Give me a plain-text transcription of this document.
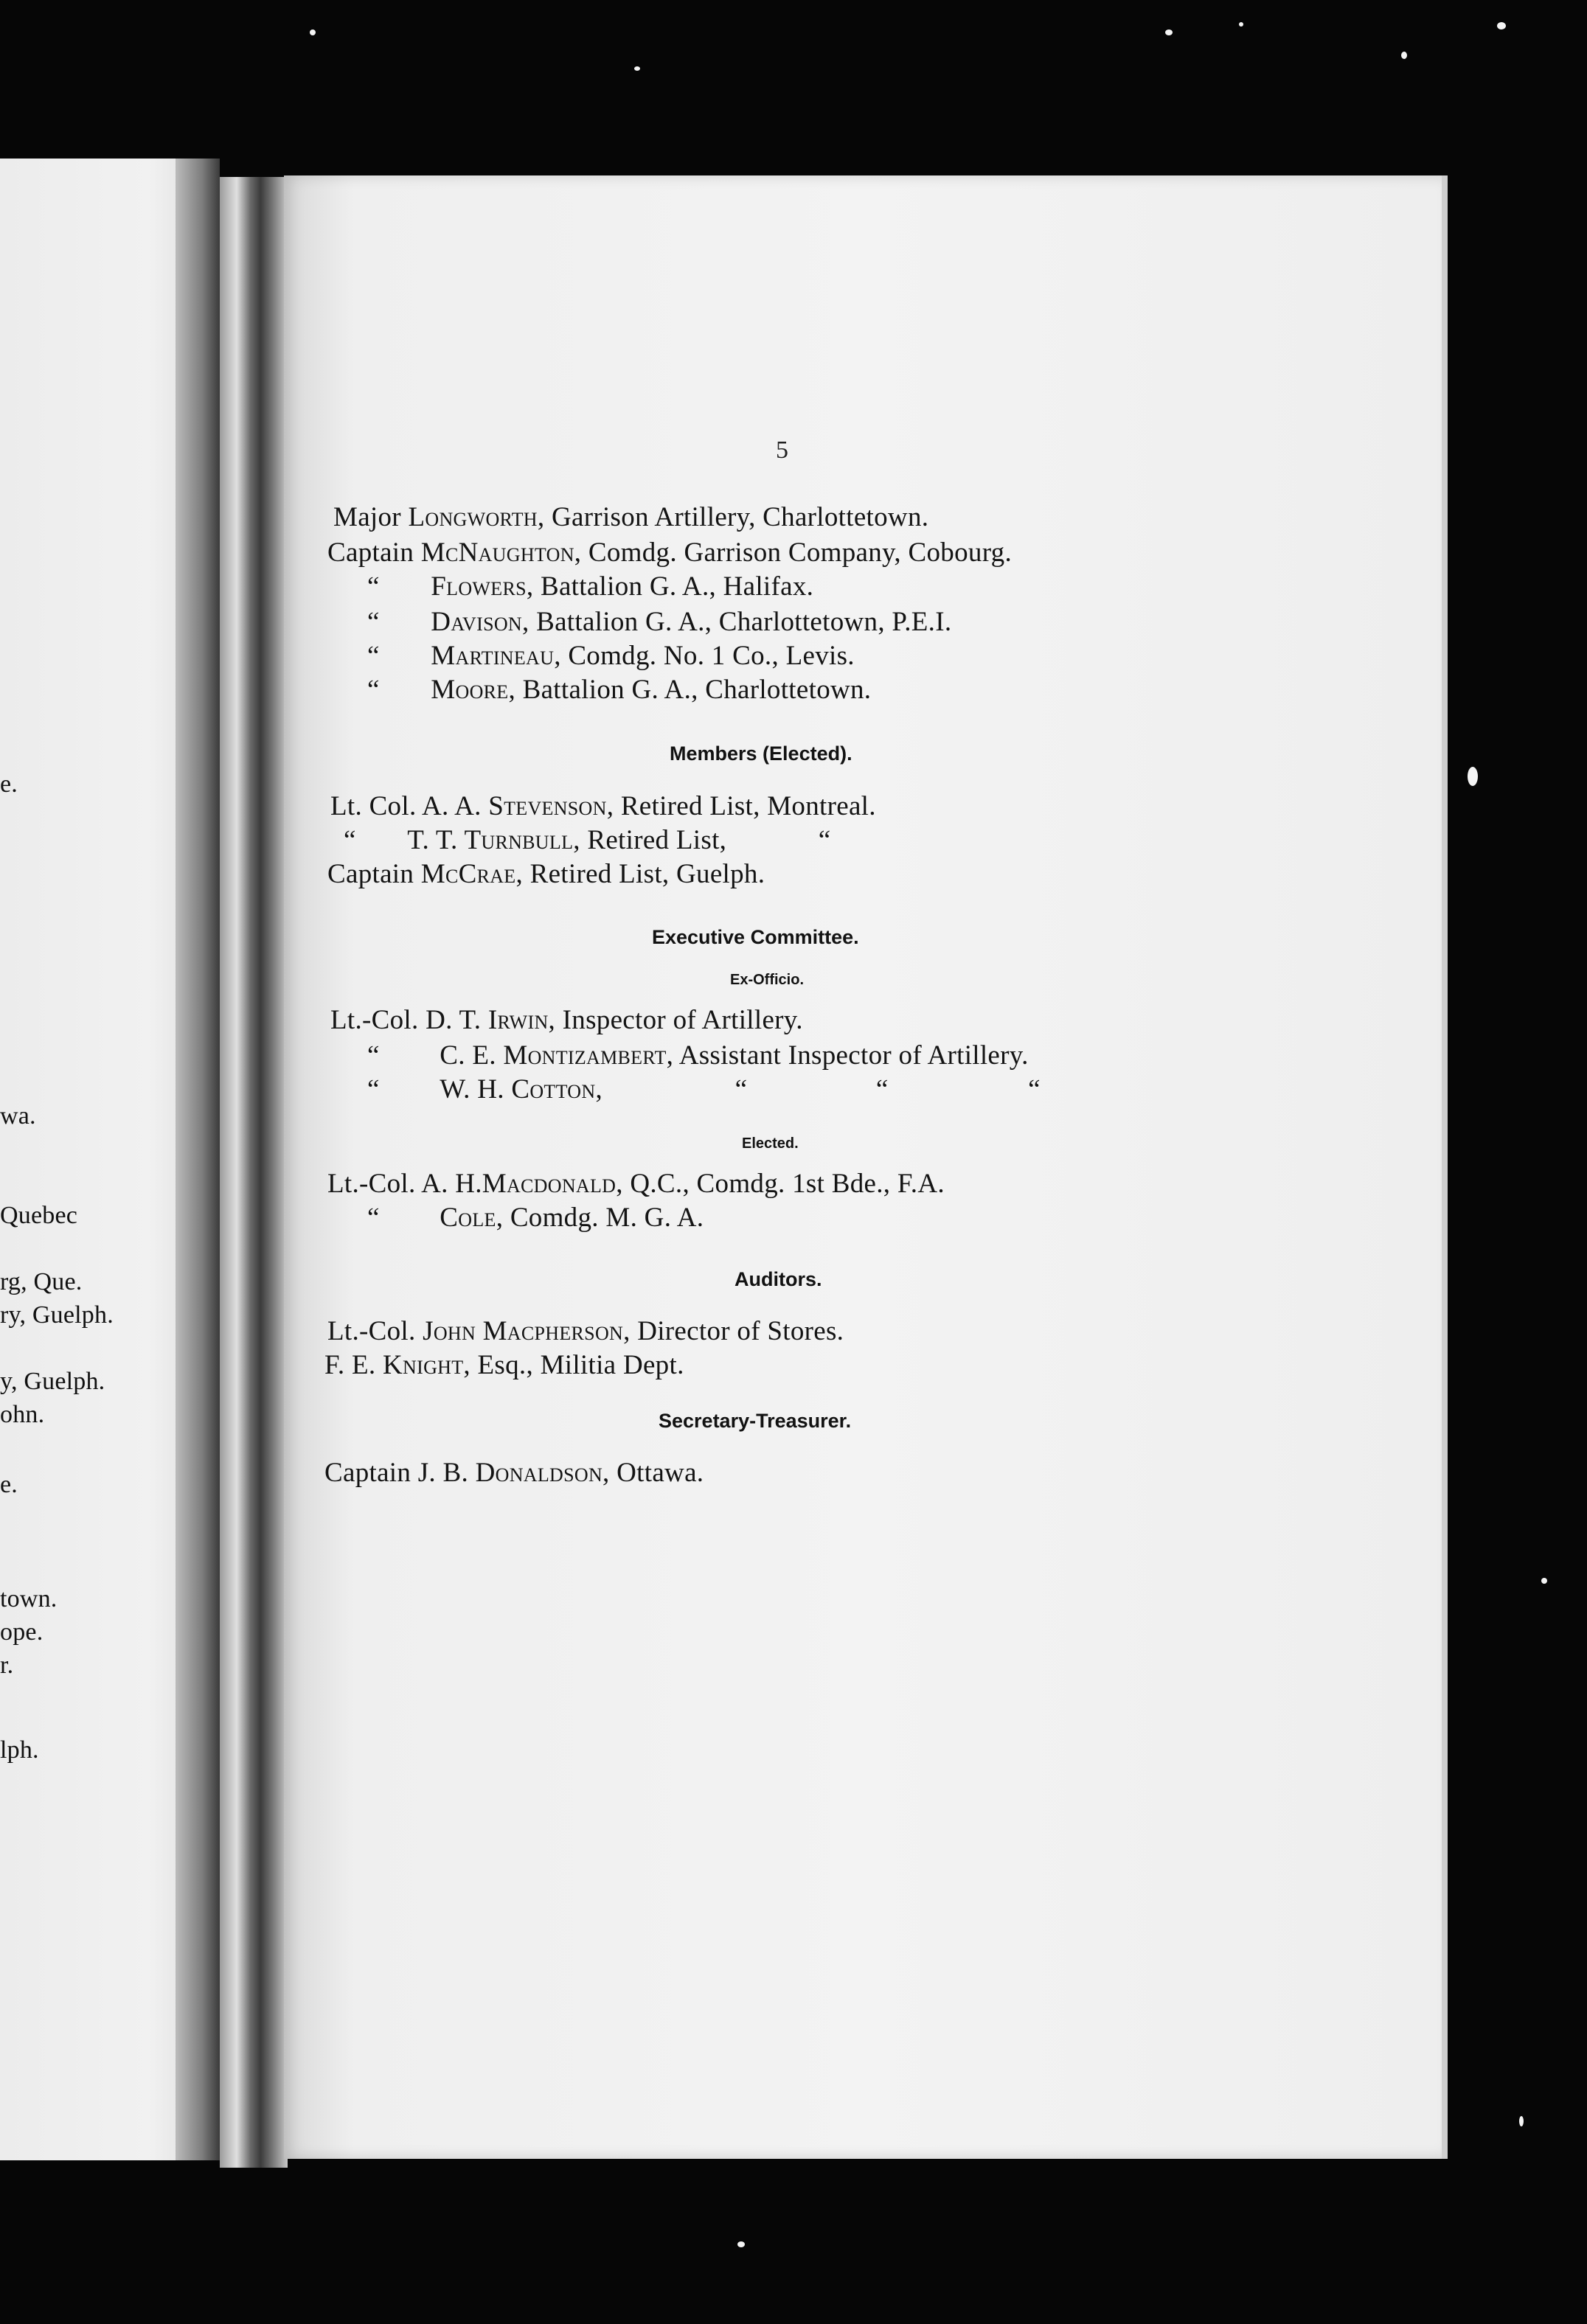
e.
wa.
Quebec
rg, Que.
ry, Guelph.
y, Guelph.
ohn.
e.
town.
ope.
r.
lph.
5
Major Longworth, Garrison Artillery, Charlottetown.
Captain McNaughton, Comdg. Garrison Company, Cobourg.
“ Flowers, Battalion G. A., Halifax.
“ Davison, Battalion G. A., Charlottetown, P.E.I.
“ Martineau, Comdg. No. 1 Co., Levis.
“ Moore, Battalion G. A., Charlottetown.
Members (Elected).
Lt. Col. A. A. Stevenson, Retired List, Montreal.
“ T. T. Turnbull, Retired List,	“
Captain McCrae, Retired List, Guelph.
Executive Committee.
Ex-Officio.
Lt.-Col. D. T. Irwin, Inspector of Artillery.
“ C. E. Montizambert, Assistant Inspector of Artillery.
“ W. H. Cotton,	“	“	“
Elected.
Lt.-Col. A. H.Macdonald, Q.C., Comdg. 1st Bde., F.A.
“ Cole, Comdg. M. G. A.
Auditors.
Lt.-Col. John Macpherson, Director of Stores.
F. E. Knight, Esq., Militia Dept.
Secretary-Treasurer.
Captain J. B. Donaldson, Ottawa.
